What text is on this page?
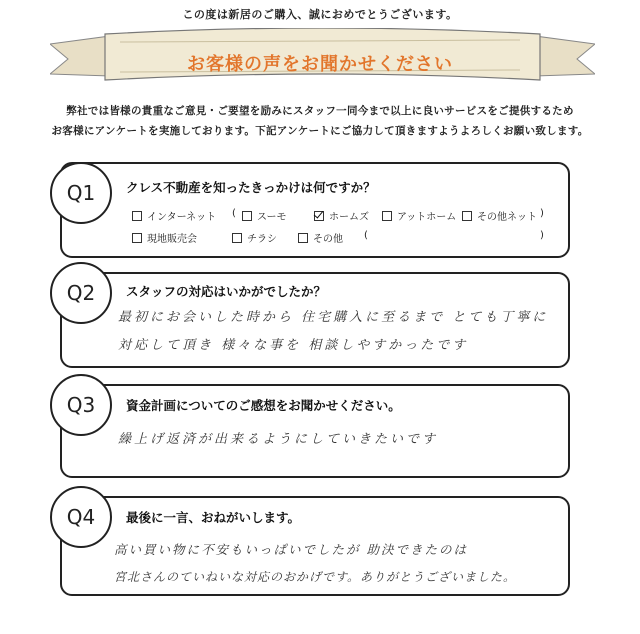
この度は新居のご購入、誠におめでとうございます。
お客様の声をお聞かせください
弊社では皆様の貴重なご意見・ご要望を励みにスタッフ一同今まで以上に良いサービスをご提供するため
お客様にアンケートを実施しております。下記アンケートにご協力して頂きますようよろしくお願い致します。
Q1	クレス不動産を知ったきっかけは何ですか？
インターネット (	スーモ	ホームズ	アットホーム	その他ネット )
現地販売会	チラシ	その他 (	)
Q2	スタッフの対応はいかがでしたか？
最初にお会いした時から 住宅購入に至るまで とても丁寧に
対応して頂き 様々な事を 相談しやすかったです
Q3	資金計画についてのご感想をお聞かせください。
繰上げ返済が出来るようにしていきたいです
Q4	最後に一言、おねがいします。
高い買い物に不安もいっぱいでしたが 助決できたのは
宮北さんのていねいな対応のおかげです。ありがとうございました。
